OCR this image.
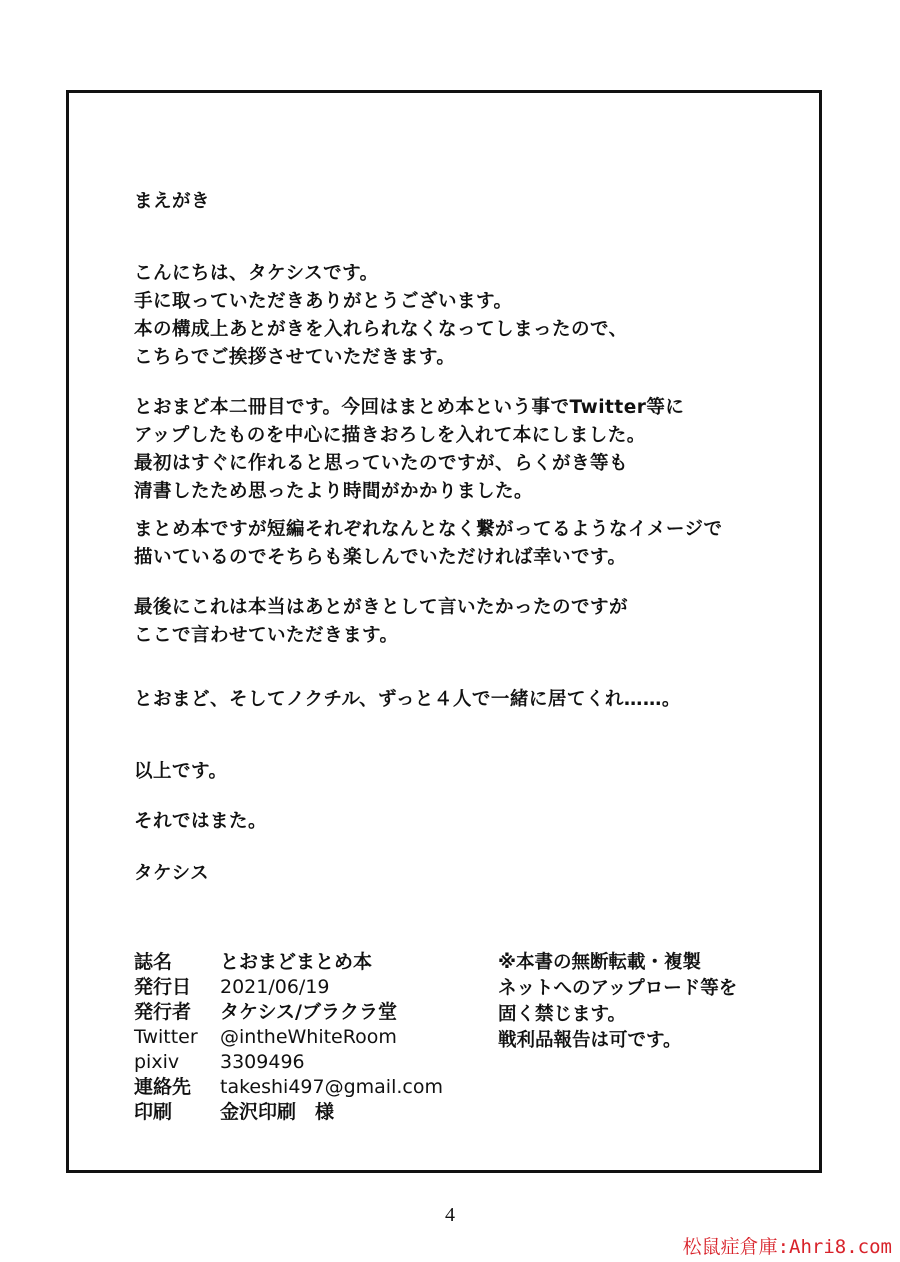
まえがき

こんにちは、タケシスです。
手に取っていただきありがとうございます。

本の構成上あとがきを入れられなくなってしまったので、
こちらでご挨拶させていただきます。

とおまど本二冊目です。今回はまとめ本という事でTwitter等に
アップしたものを中心に描きおろしを入れて本にしました。
最初はすぐに作れると思っていたのですが、らくがき等も
清書したため思ったより時間がかかりました。

まとめ本ですが短編それぞれなんとなく繋がってるようなイメージで
描いているのでそちらも楽しんでいただければ幸いです。

最後にこれは本当はあとがきとして言いたかったのですが
ここで言わせていただきます。

とおまど、そしてノクチル、ずっと４人で一緒に居てくれ……。

以上です。

それではまた。

タケシス

誌名	とおまどまとめ本
発行日	2021/06/19
発行者	タケシス/ブラクラ堂
Twitter	@intheWhiteRoom
pixiv	3309496
連絡先	takeshi497@gmail.com
印刷	金沢印刷　様
※本書の無断転載・複製
ネットへのアップロード等を
固く禁じます。
戦利品報告は可です。
4
松鼠症倉庫:Ahri8.com
